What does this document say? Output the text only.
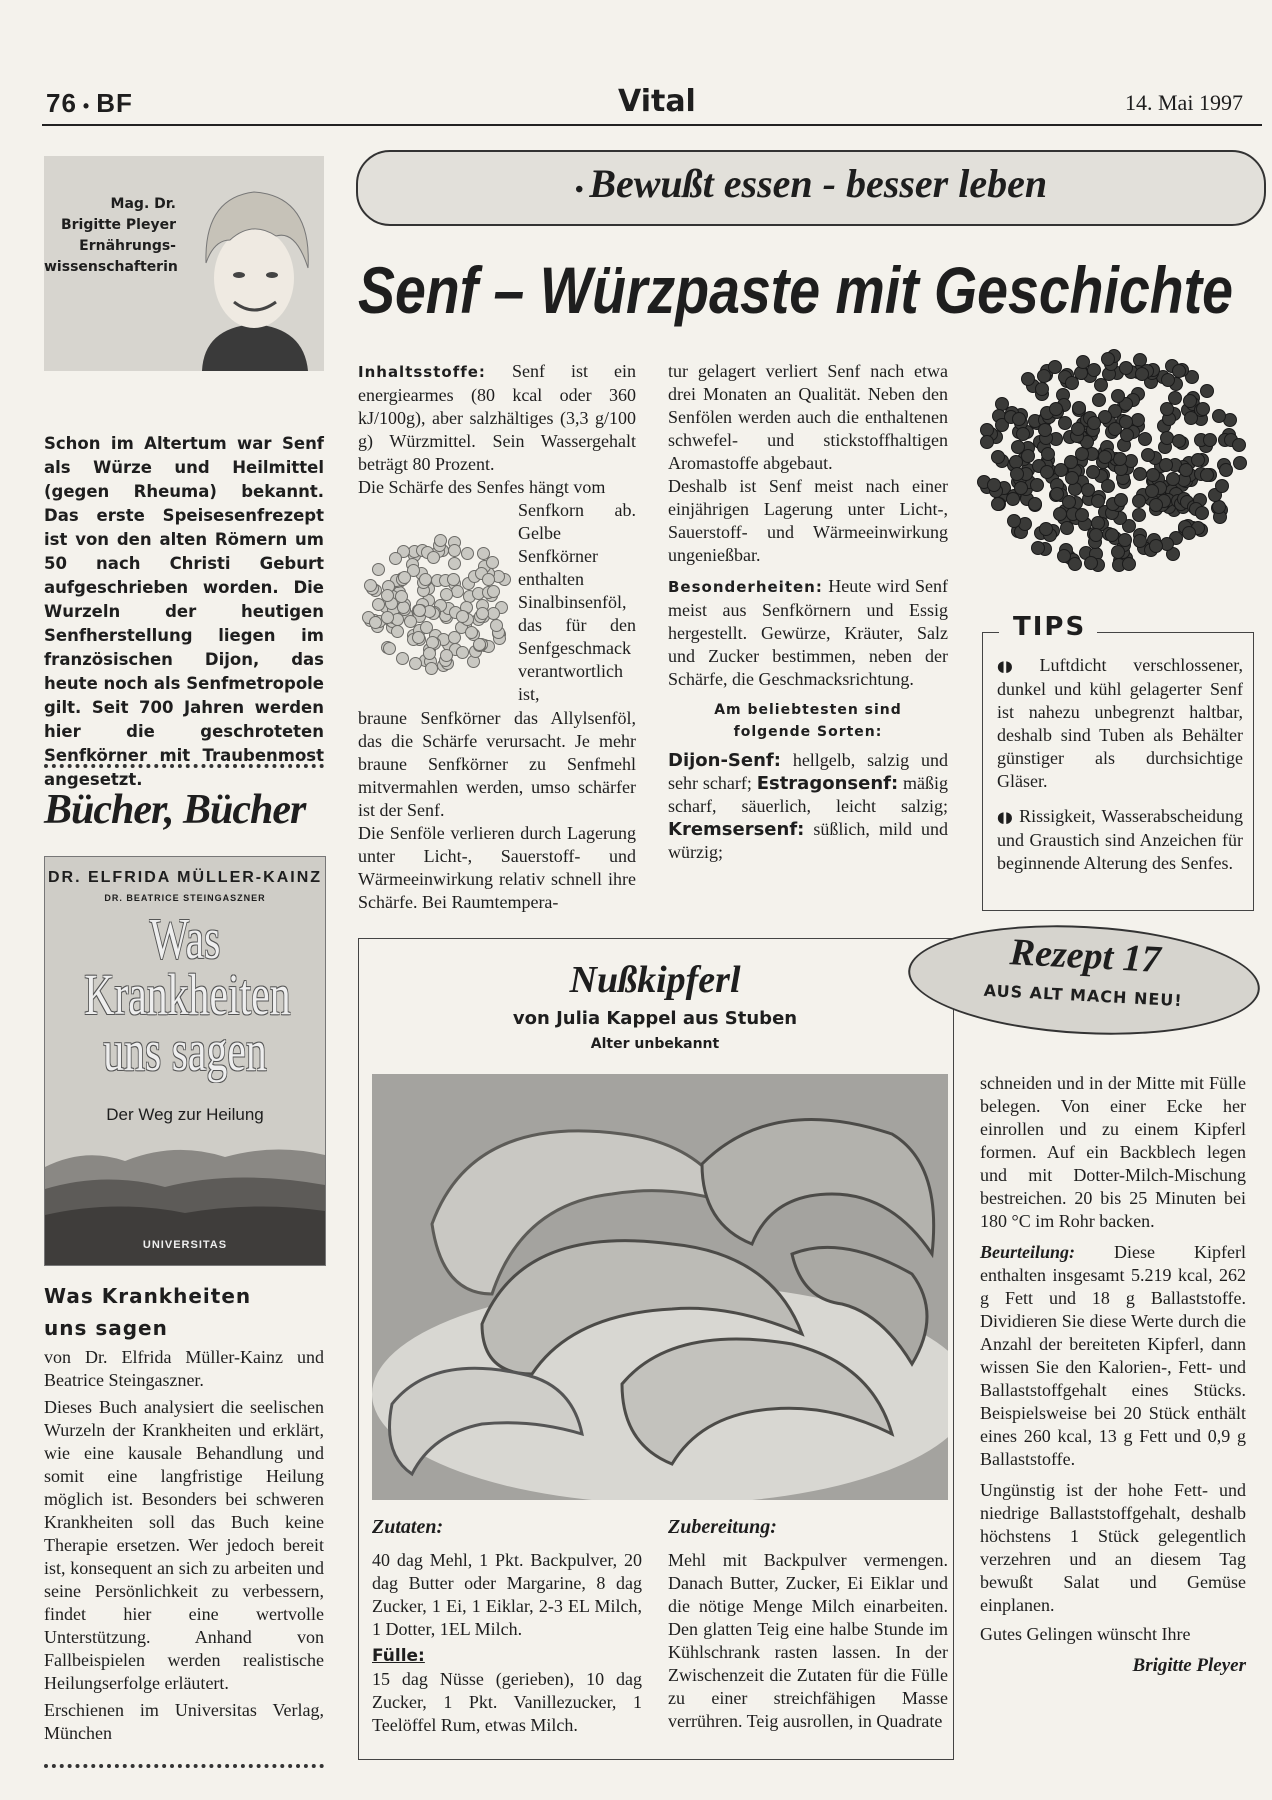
76 • BF	Vital	14. Mai 1997
Mag. Dr.
Brigitte Pleyer
Ernährungs-
wissenschafterin
Schon im Altertum war Senf als Würze und Heilmittel (gegen Rheuma) bekannt. Das erste Speisesenfrezept ist von den alten Römern um 50 nach Christi Geburt aufgeschrieben worden. Die Wurzeln der heutigen Senfherstellung liegen im französischen Dijon, das heute noch als Senfmetropole gilt. Seit 700 Jahren werden hier die geschroteten Senfkörner mit Traubenmost angesetzt.
Bücher, Bücher
DR. ELFRIDA MÜLLER-KAINZ
DR. BEATRICE STEINGASZNER
Was
Krankheiten
uns sagen
Der Weg zur Heilung
UNIVERSITAS
Was Krankheiten
uns sagen

von Dr. Elfrida Müller-Kainz und Beatrice Steingaszner.

Dieses Buch analysiert die seelischen Wurzeln der Krankheiten und erklärt, wie eine kausale Behandlung und somit eine langfristige Heilung möglich ist. Besonders bei schweren Krankheiten soll das Buch keine Therapie ersetzen. Wer jedoch bereit ist, konsequent an sich zu arbeiten und seine Persönlichkeit zu verbessern, findet hier eine wertvolle Unterstützung. Anhand von Fallbeispielen werden realistische Heilungserfolge erläutert.

Erschienen im Universitas Verlag, München

• Bewußt essen - besser leben
Senf – Würzpaste mit Geschichte

Inhaltsstoffe: Senf ist ein energiearmes (80 kcal oder 360 kJ/100g), aber salzhältiges (3,3 g/100 g) Würzmittel. Sein Wassergehalt beträgt 80 Prozent.

Die Schärfe des Senfes hängt vom

Senfkorn ab. Gelbe Senfkörner enthalten Sinalbinsenföl, das für den Senfgeschmack verantwortlich ist,

braune Senfkörner das Allylsenföl, das die Schärfe verursacht. Je mehr braune Senfkörner zu Senfmehl mitvermahlen werden, umso schärfer ist der Senf.

Die Senföle verlieren durch Lagerung unter Licht-, Sauerstoff- und Wärmeeinwirkung relativ schnell ihre Schärfe. Bei Raumtempera-

tur gelagert verliert Senf nach etwa drei Monaten an Qualität. Neben den Senfölen werden auch die enthaltenen schwefel- und stickstoffhaltigen Aromastoffe abgebaut.

Deshalb ist Senf meist nach einer einjährigen Lagerung unter Licht-, Sauerstoff- und Wärmeeinwirkung ungenießbar.

Besonderheiten: Heute wird Senf meist aus Senfkörnern und Essig hergestellt. Gewürze, Kräuter, Salz und Zucker bestimmen, neben der Schärfe, die Geschmacksrichtung.

Am beliebtesten sind
folgende Sorten:

Dijon-Senf: hellgelb, salzig und sehr scharf; Estragonsenf: mäßig scharf, säuerlich, leicht salzig; Kremsersenf: süßlich, mild und würzig;

TIPS

◖◗ Luftdicht verschlossener, dunkel und kühl gelagerter Senf ist nahezu unbegrenzt haltbar, deshalb sind Tuben als Behälter günstiger als durchsichtige Gläser.

◖◗ Rissigkeit, Wasserabscheidung und Graustich sind Anzeichen für beginnende Alterung des Senfes.

Rezept 17
AUS ALT MACH NEU!
Nußkipferl
von Julia Kappel aus Stuben
Alter unbekannt
Zutaten:

40 dag Mehl, 1 Pkt. Backpulver, 20 dag Butter oder Margarine, 8 dag Zucker, 1 Ei, 1 Eiklar, 2-3 EL Milch, 1 Dotter, 1EL Milch.

Fülle:

15 dag Nüsse (gerieben), 10 dag Zucker, 1 Pkt. Vanillezucker, 1 Teelöffel Rum, etwas Milch.

Zubereitung:

Mehl mit Backpulver vermengen. Danach Butter, Zucker, Ei Eiklar und die nötige Menge Milch einarbeiten. Den glatten Teig eine halbe Stunde im Kühlschrank rasten lassen. In der Zwischenzeit die Zutaten für die Fülle zu einer streichfähigen Masse verrühren. Teig ausrollen, in Quadrate

schneiden und in der Mitte mit Fülle belegen. Von einer Ecke her einrollen und zu einem Kipferl formen. Auf ein Backblech legen und mit Dotter-Milch-Mischung bestreichen. 20 bis 25 Minuten bei 180 °C im Rohr backen.

Beurteilung: Diese Kipferl enthalten insgesamt 5.219 kcal, 262 g Fett und 18 g Ballaststoffe. Dividieren Sie diese Werte durch die Anzahl der bereiteten Kipferl, dann wissen Sie den Kalorien-, Fett- und Ballaststoffgehalt eines Stücks. Beispielsweise bei 20 Stück enthält eines 260 kcal, 13 g Fett und 0,9 g Ballaststoffe.

Ungünstig ist der hohe Fett- und niedrige Ballaststoffgehalt, deshalb höchstens 1 Stück gelegentlich verzehren und an diesem Tag bewußt Salat und Gemüse einplanen.

Gutes Gelingen wünscht Ihre

Brigitte Pleyer
